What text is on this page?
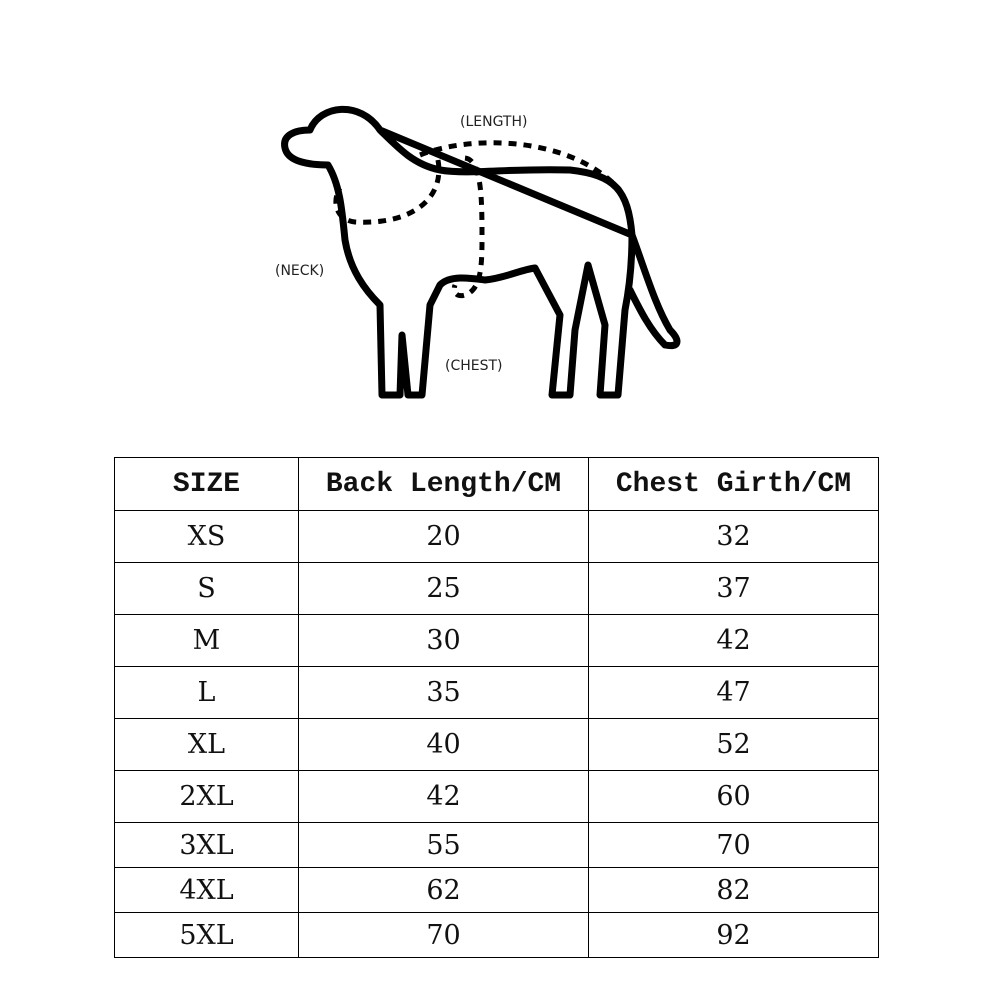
(LENGTH)
(NECK)
(CHEST)
SIZE	Back Length/CM	Chest Girth/CM
XS	20	32
S	25	37
M	30	42
L	35	47
XL	40	52
2XL	42	60
3XL	55	70
4XL	62	82
5XL	70	92
